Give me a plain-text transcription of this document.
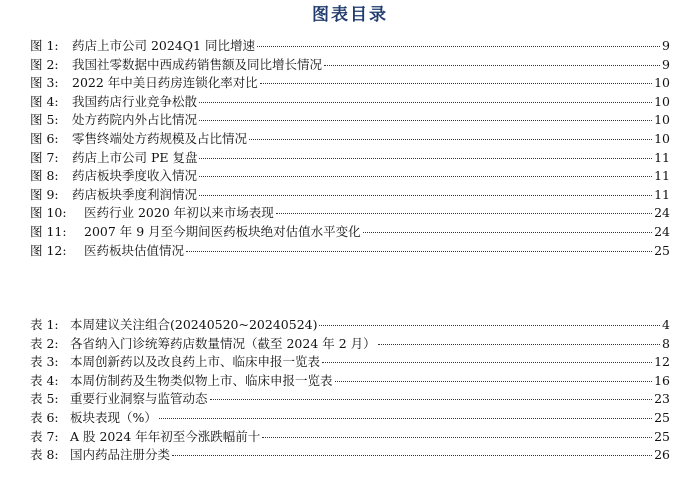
图表目录
图 1:	药店上市公司 2024Q1 同比增速	9
图 2:	我国社零数据中西成药销售额及同比增长情况	9
图 3:	2022 年中美日药房连锁化率对比	10
图 4:	我国药店行业竞争松散	10
图 5:	处方药院内外占比情况	10
图 6:	零售终端处方药规模及占比情况	10
图 7:	药店上市公司 PE 复盘	11
图 8:	药店板块季度收入情况	11
图 9:	药店板块季度利润情况	11
图 10:	医药行业 2020 年初以来市场表现	24
图 11:	2007 年 9 月至今期间医药板块绝对估值水平变化	24
图 12:	医药板块估值情况	25
表 1: 本周建议关注组合(20240520~20240524)	4
表 2: 各省纳入门诊统筹药店数量情况（截至 2024 年 2 月）	8
表 3: 本周创新药以及改良药上市、临床申报一览表	12
表 4: 本周仿制药及生物类似物上市、临床申报一览表	16
表 5: 重要行业洞察与监管动态	23
表 6: 板块表现（%）	25
表 7: A 股 2024 年年初至今涨跌幅前十	25
表 8: 国内药品注册分类	26
